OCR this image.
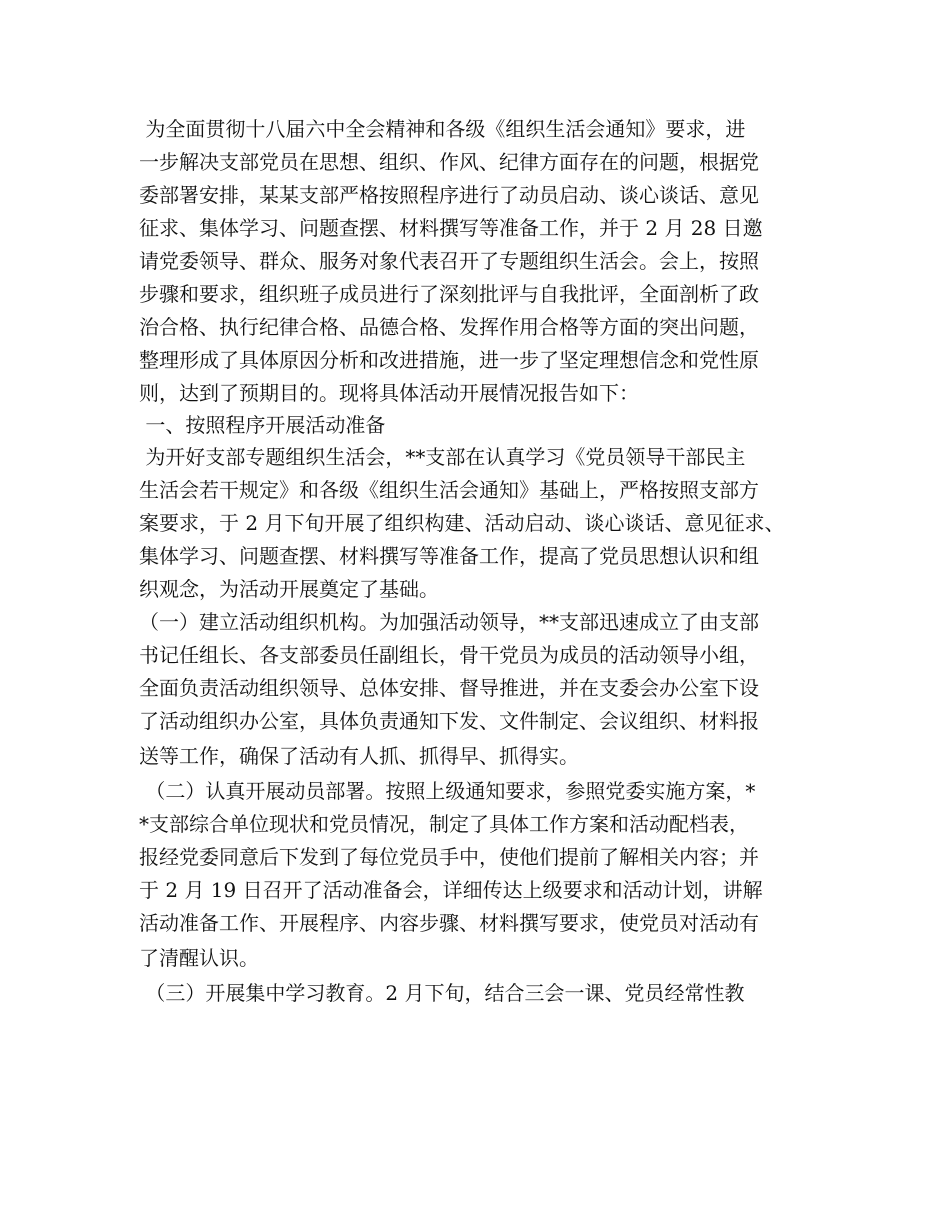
为全面贯彻十八届六中全会精神和各级《组织生活会通知》要求，进
一步解决支部党员在思想、组织、作风、纪律方面存在的问题，根据党
委部署安排，某某支部严格按照程序进行了动员启动、谈心谈话、意见
征求、集体学习、问题查摆、材料撰写等准备工作，并于 2 月 28 日邀
请党委领导、群众、服务对象代表召开了专题组织生活会。会上，按照
步骤和要求，组织班子成员进行了深刻批评与自我批评，全面剖析了政
治合格、执行纪律合格、品德合格、发挥作用合格等方面的突出问题，
整理形成了具体原因分析和改进措施，进一步了坚定理想信念和党性原
则，达到了预期目的。现将具体活动开展情况报告如下：
一、按照程序开展活动准备
为开好支部专题组织生活会，**支部在认真学习《党员领导干部民主
生活会若干规定》和各级《组织生活会通知》基础上，严格按照支部方
案要求，于 2 月下旬开展了组织构建、活动启动、谈心谈话、意见征求、
集体学习、问题查摆、材料撰写等准备工作，提高了党员思想认识和组
织观念，为活动开展奠定了基础。
（一）建立活动组织机构。为加强活动领导，**支部迅速成立了由支部
书记任组长、各支部委员任副组长，骨干党员为成员的活动领导小组，
全面负责活动组织领导、总体安排、督导推进，并在支委会办公室下设
了活动组织办公室，具体负责通知下发、文件制定、会议组织、材料报
送等工作，确保了活动有人抓、抓得早、抓得实。
（二）认真开展动员部署。按照上级通知要求，参照党委实施方案，*
*支部综合单位现状和党员情况，制定了具体工作方案和活动配档表，
报经党委同意后下发到了每位党员手中，使他们提前了解相关内容；并
于 2 月 19 日召开了活动准备会，详细传达上级要求和活动计划，讲解
活动准备工作、开展程序、内容步骤、材料撰写要求，使党员对活动有
了清醒认识。
（三）开展集中学习教育。2 月下旬，结合三会一课、党员经常性教
